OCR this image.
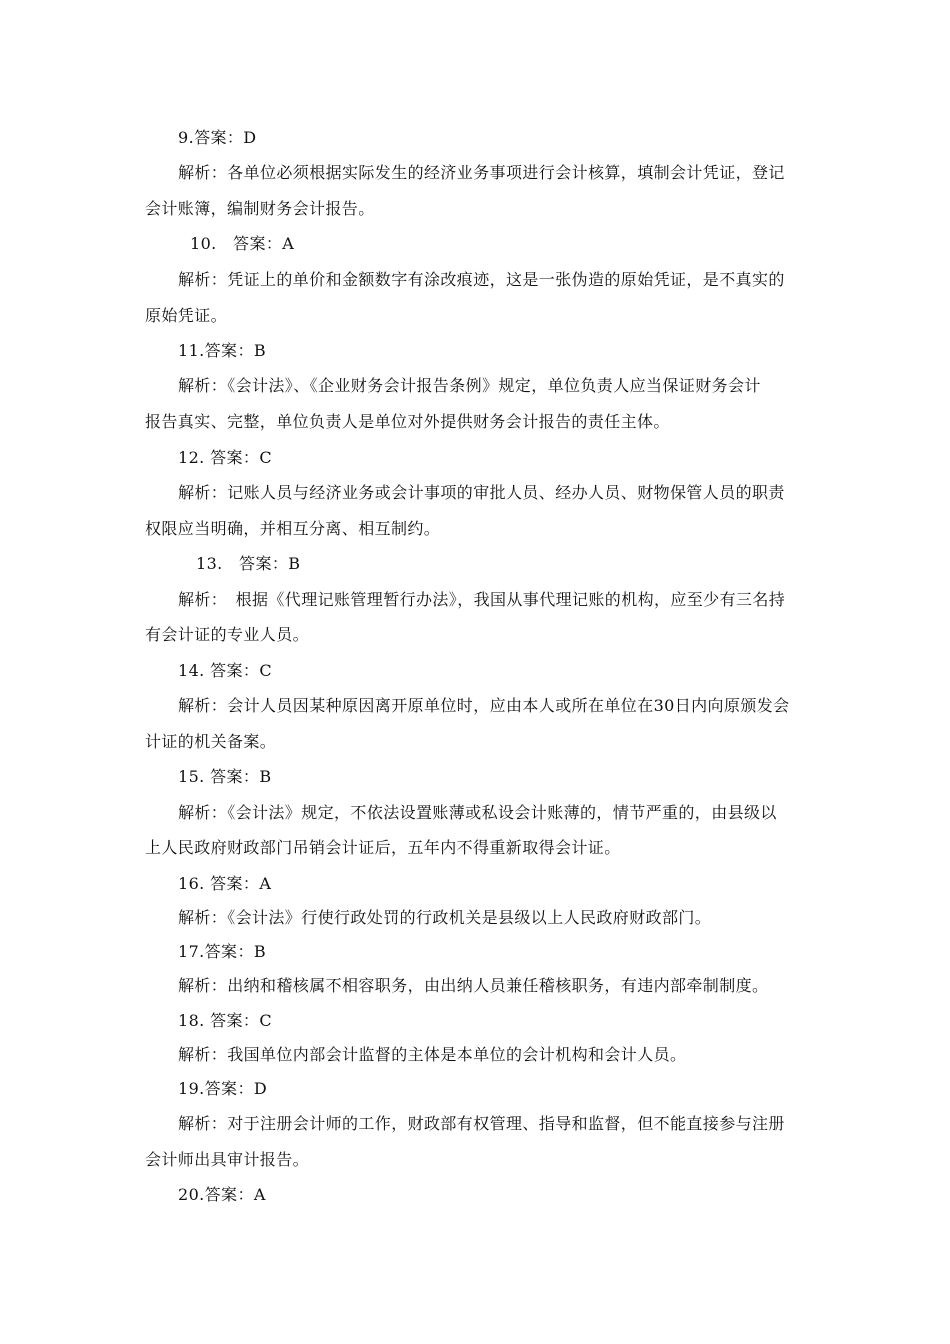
9.答案：D
解析：各单位必须根据实际发生的经济业务事项进行会计核算，填制会计凭证，登记
会计账簿，编制财务会计报告。
10.　答案：A
解析：凭证上的单价和金额数字有涂改痕迹，这是一张伪造的原始凭证，是不真实的
原始凭证。
11.答案：B
解析：《会计法》、《企业财务会计报告条例》规定，单位负责人应当保证财务会计
报告真实、完整，单位负责人是单位对外提供财务会计报告的责任主体。
12. 答案：C
解析：记账人员与经济业务或会计事项的审批人员、经办人员、财物保管人员的职责
权限应当明确，并相互分离、相互制约。
13.　答案：B
解析：　根据《代理记账管理暂行办法》，我国从事代理记账的机构，应至少有三名持
有会计证的专业人员。
14. 答案：C
解析：会计人员因某种原因离开原单位时，应由本人或所在单位在30日内向原颁发会
计证的机关备案。
15. 答案：B
解析：《会计法》规定，不依法设置账薄或私设会计账薄的，情节严重的，由县级以
上人民政府财政部门吊销会计证后，五年内不得重新取得会计证。
16. 答案：A
解析：《会计法》行使行政处罚的行政机关是县级以上人民政府财政部门。
17.答案：B
解析：出纳和稽核属不相容职务，由出纳人员兼任稽核职务，有违内部牵制制度。
18. 答案：C
解析：我国单位内部会计监督的主体是本单位的会计机构和会计人员。
19.答案：D
解析：对于注册会计师的工作，财政部有权管理、指导和监督，但不能直接参与注册
会计师出具审计报告。
20.答案：A
